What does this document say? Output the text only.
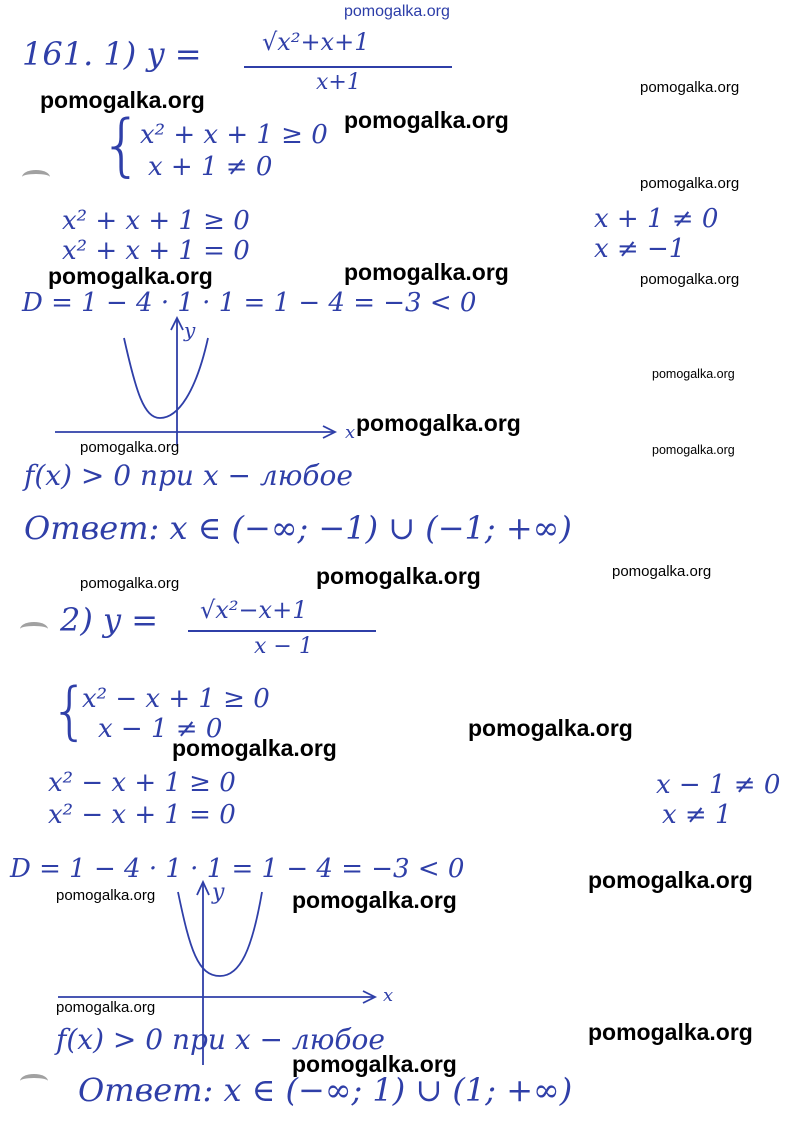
pomogalka.org
161. 1) y =	√x²+x+1
x+1
{
x² + x + 1 ≥ 0
x + 1 ≠ 0
x² + x + 1 ≥ 0
x² + x + 1 = 0
x + 1 ≠ 0
x ≠ −1
D = 1 − 4 · 1 · 1 = 1 − 4 = −3 < 0
y
x
f(x) > 0 при x − любое
Ответ: x ∈ (−∞; −1) ∪ (−1; +∞)
2) y = √x²−x+1
x − 1
{
x² − x + 1 ≥ 0
x − 1 ≠ 0
x² − x + 1 ≥ 0
x² − x + 1 = 0
x − 1 ≠ 0
x ≠ 1
D = 1 − 4 · 1 · 1 = 1 − 4 = −3 < 0
y
x
f(x) > 0 при x − любое
Ответ: x ∈ (−∞; 1) ∪ (1; +∞)
pomogalka.org	pomogalka.org
pomogalka.org
pomogalka.org
pomogalka.org	pomogalka.org	pomogalka.org
pomogalka.org
pomogalka.org
pomogalka.org	pomogalka.org
pomogalka.org	pomogalka.org	pomogalka.org
pomogalka.org
pomogalka.org
pomogalka.org
pomogalka.org	pomogalka.org
pomogalka.org
pomogalka.org
pomogalka.org
